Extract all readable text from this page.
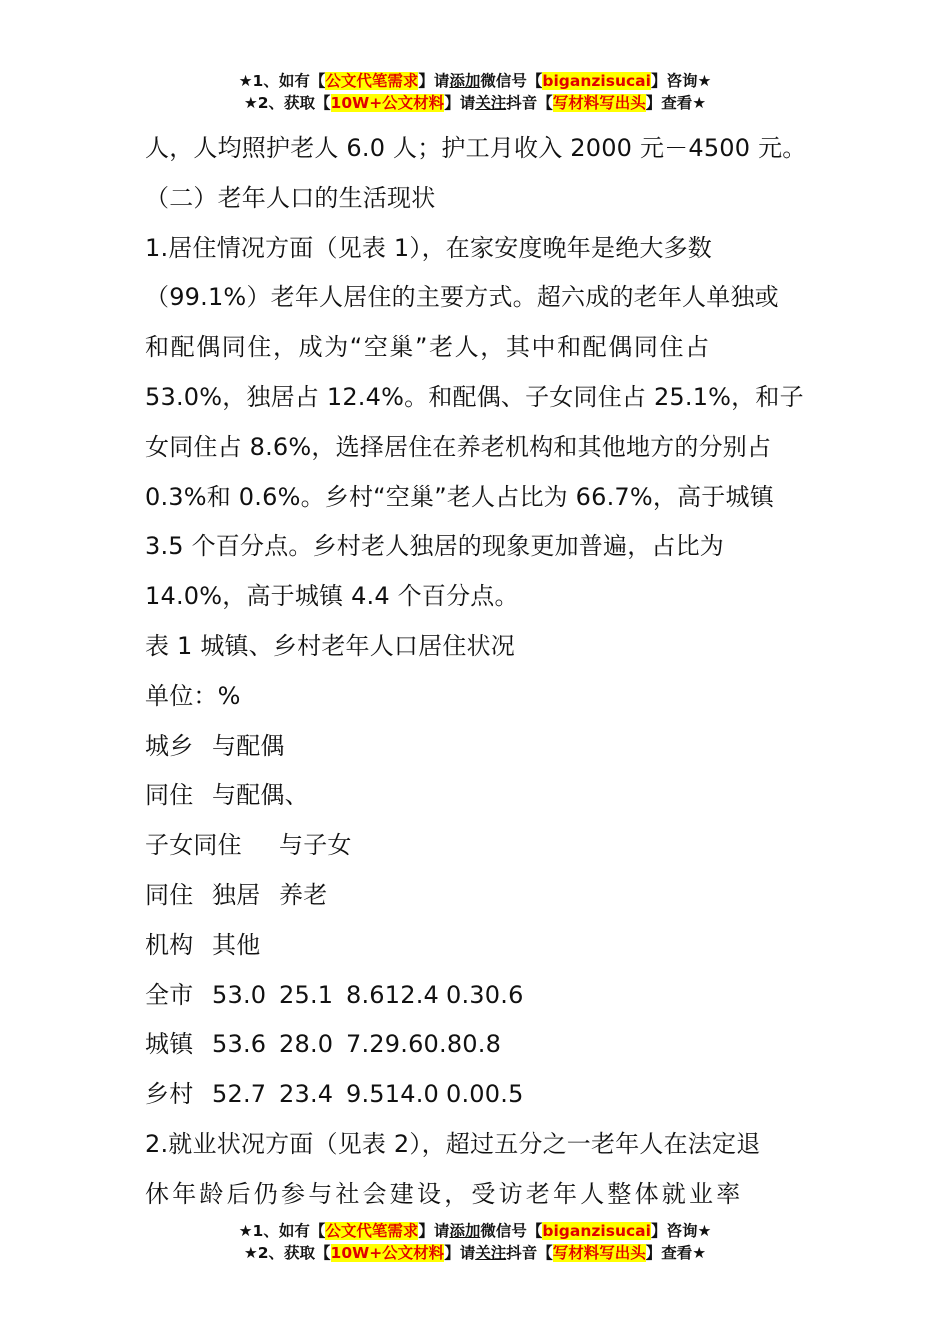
★1、如有【公文代笔需求】请添加微信号【biganzisucai】咨询★
★2、获取【10W+公文材料】请关注抖音【写材料写出头】查看★
人，人均照护老人 6.0 人；护工月收入 2000 元－4500 元。
（二）老年人口的生活现状
1.居住情况方面（见表 1），在家安度晚年是绝大多数
（99.1%）老年人居住的主要方式。超六成的老年人单独或
和配偶同住，成为“空巢”老人，其中和配偶同住占
53.0%，独居占 12.4%。和配偶、子女同住占 25.1%，和子
女同住占 8.6%，选择居住在养老机构和其他地方的分别占
0.3%和 0.6%。乡村“空巢”老人占比为 66.7%，高于城镇
3.5 个百分点。乡村老人独居的现象更加普遍，占比为
14.0%，高于城镇 4.4 个百分点。
表 1 城镇、乡村老年人口居住状况
单位：%
城乡 与配偶
同住 与配偶、
子女同住 与子女
同住 独居 养老
机构 其他
全市 53.0 25.1 8.612.4 0.30.6
城镇 53.6 28.0 7.29.60.80.8
乡村 52.7 23.4 9.514.0 0.00.5
2.就业状况方面（见表 2），超过五分之一老年人在法定退
休年龄后仍参与社会建设，受访老年人整体就业率
★1、如有【公文代笔需求】请添加微信号【biganzisucai】咨询★
★2、获取【10W+公文材料】请关注抖音【写材料写出头】查看★
